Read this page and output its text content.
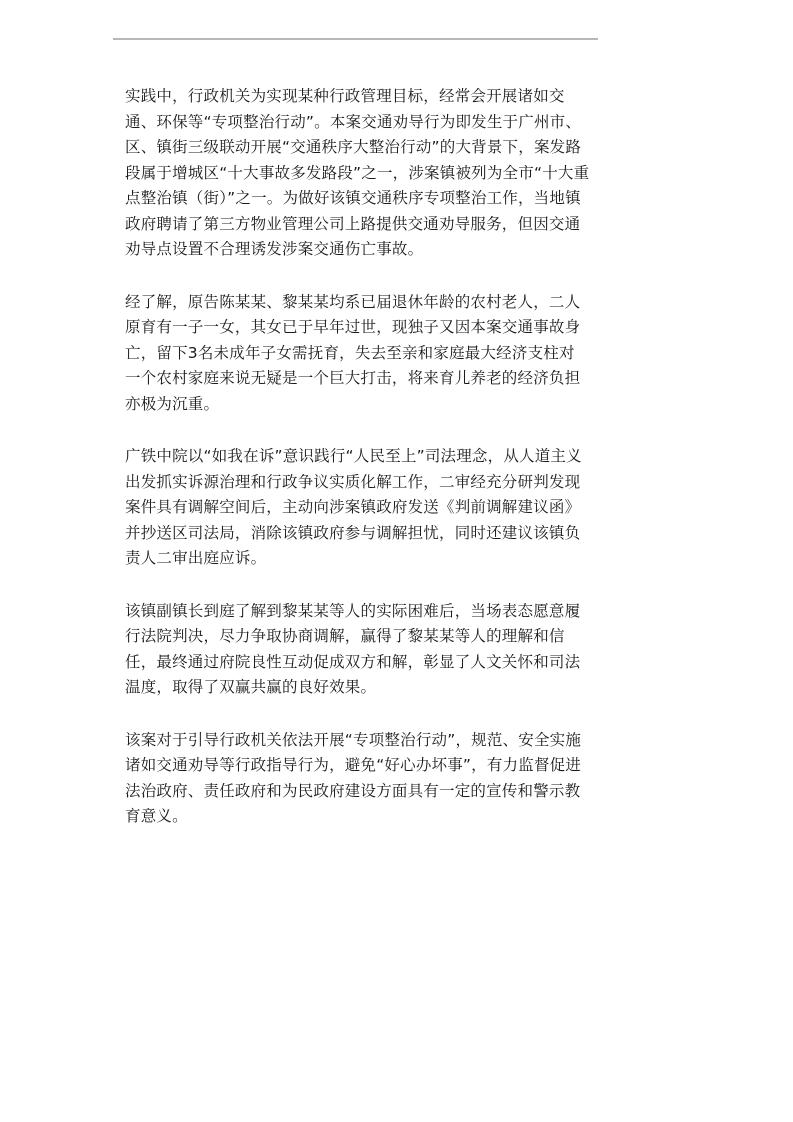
实践中，行政机关为实现某种行政管理目标，经常会开展诸如交通、环保等“专项整治行动”。本案交通劝导行为即发生于广州市、区、镇街三级联动开展“交通秩序大整治行动”的大背景下，案发路段属于增城区“十大事故多发路段”之一，涉案镇被列为全市“十大重点整治镇（街）”之一。为做好该镇交通秩序专项整治工作，当地镇政府聘请了第三方物业管理公司上路提供交通劝导服务，但因交通劝导点设置不合理诱发涉案交通伤亡事故。

经了解，原告陈某某、黎某某均系已届退休年龄的农村老人，二人原育有一子一女，其女已于早年过世，现独子又因本案交通事故身亡，留下3名未成年子女需抚育，失去至亲和家庭最大经济支柱对一个农村家庭来说无疑是一个巨大打击，将来育儿养老的经济负担亦极为沉重。

广铁中院以“如我在诉”意识践行“人民至上”司法理念，从人道主义出发抓实诉源治理和行政争议实质化解工作，二审经充分研判发现案件具有调解空间后，主动向涉案镇政府发送《判前调解建议函》并抄送区司法局，消除该镇政府参与调解担忧，同时还建议该镇负责人二审出庭应诉。

该镇副镇长到庭了解到黎某某等人的实际困难后，当场表态愿意履行法院判决，尽力争取协商调解，赢得了黎某某等人的理解和信任，最终通过府院良性互动促成双方和解，彰显了人文关怀和司法温度，取得了双赢共赢的良好效果。

该案对于引导行政机关依法开展“专项整治行动”，规范、安全实施诸如交通劝导等行政指导行为，避免“好心办坏事”，有力监督促进法治政府、责任政府和为民政府建设方面具有一定的宣传和警示教育意义。
